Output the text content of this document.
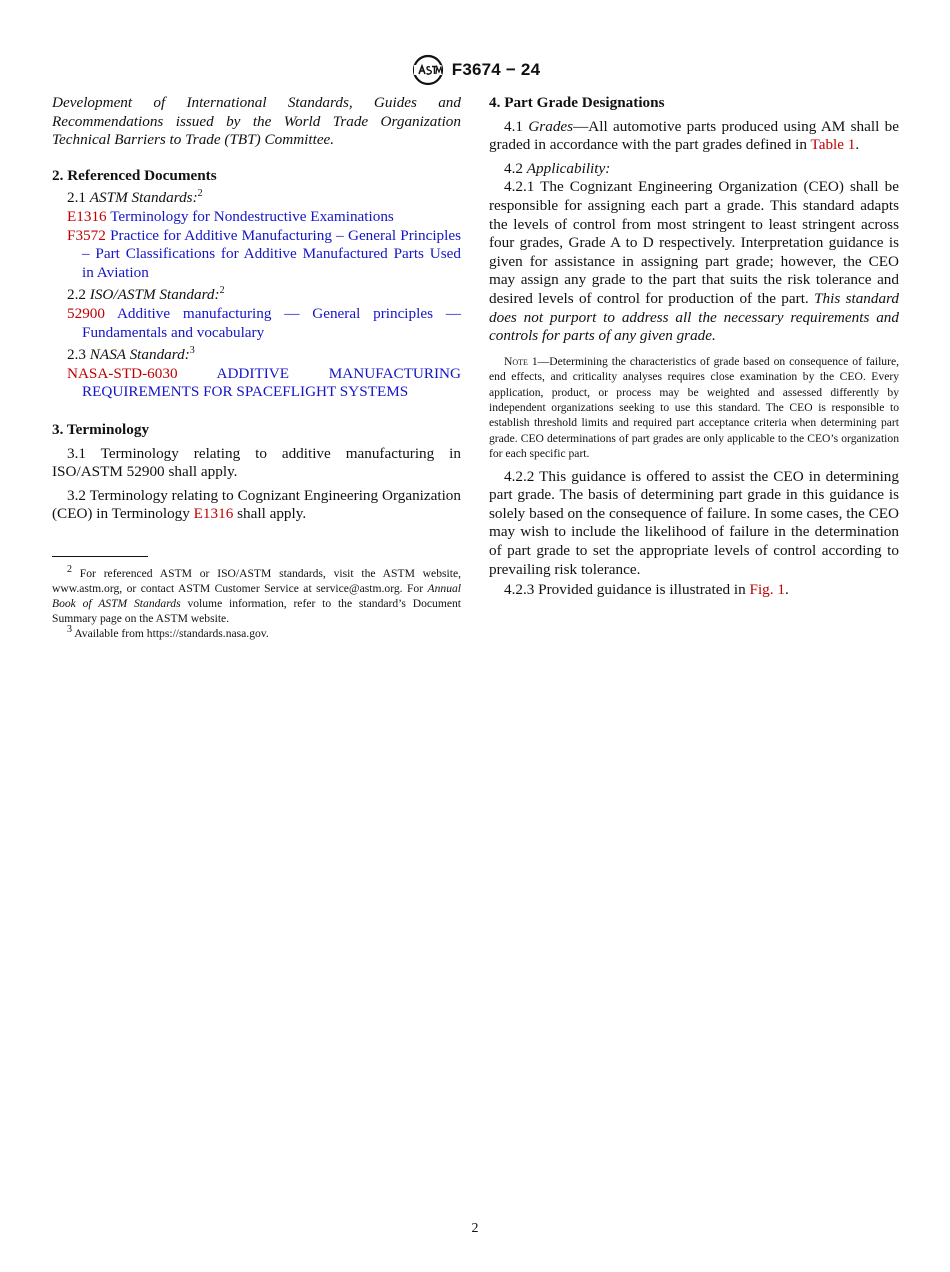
F3674 − 24

Development of International Standards, Guides and Recommendations issued by the World Trade Organization Technical Barriers to Trade (TBT) Committee.

2. Referenced Documents

2.1 ASTM Standards:$^2$

E1316 Terminology for Nondestructive Examinations

F3572 Practice for Additive Manufacturing – General Principles – Part Classifications for Additive Manufactured Parts Used in Aviation

2.2 ISO/ASTM Standard:$^2$

52900 Additive manufacturing — General principles — Fundamentals and vocabulary

2.3 NASA Standard:$^3$

NASA-STD-6030	ADDITIVE MANUFACTURING REQUIREMENTS FOR SPACEFLIGHT SYSTEMS

3. Terminology

3.1 Terminology relating to additive manufacturing in ISO/ASTM 52900 shall apply.

3.2 Terminology relating to Cognizant Engineering Organization (CEO) in Terminology E1316 shall apply.

$^2$ For referenced ASTM or ISO/ASTM standards, visit the ASTM website, www.astm.org, or contact ASTM Customer Service at service@astm.org. For Annual Book of ASTM Standards volume information, refer to the standard’s Document Summary page on the ASTM website.

$^3$ Available from https://standards.nasa.gov.

4. Part Grade Designations

4.1 Grades—All automotive parts produced using AM shall be graded in accordance with the part grades defined in Table 1.

4.2 Applicability:

4.2.1 The Cognizant Engineering Organization (CEO) shall be responsible for assigning each part a grade. This standard adapts the levels of control from most stringent to least stringent across four grades, Grade A to D respectively. Interpretation guidance is given for assistance in assigning part grade; however, the CEO may assign any grade to the part that suits the risk tolerance and desired levels of control for production of the part. This standard does not purport to address all the necessary requirements and controls for parts of any given grade.

Note 1—Determining the characteristics of grade based on consequence of failure, end effects, and criticality analyses requires close examination by the CEO. Every application, product, or process may be weighted and assessed differently by independent organizations seeking to use this standard. The CEO is responsible to establish threshold limits and required part acceptance criteria when determining part grade. CEO determinations of part grades are only applicable to the CEO’s organization for each specific part.

4.2.2 This guidance is offered to assist the CEO in determining part grade. The basis of determining part grade in this guidance is solely based on the consequence of failure. In some cases, the CEO may wish to include the likelihood of failure in the determination of part grade to set the appropriate levels of control according to prevailing risk tolerance.

4.2.3 Provided guidance is illustrated in Fig. 1.

2
